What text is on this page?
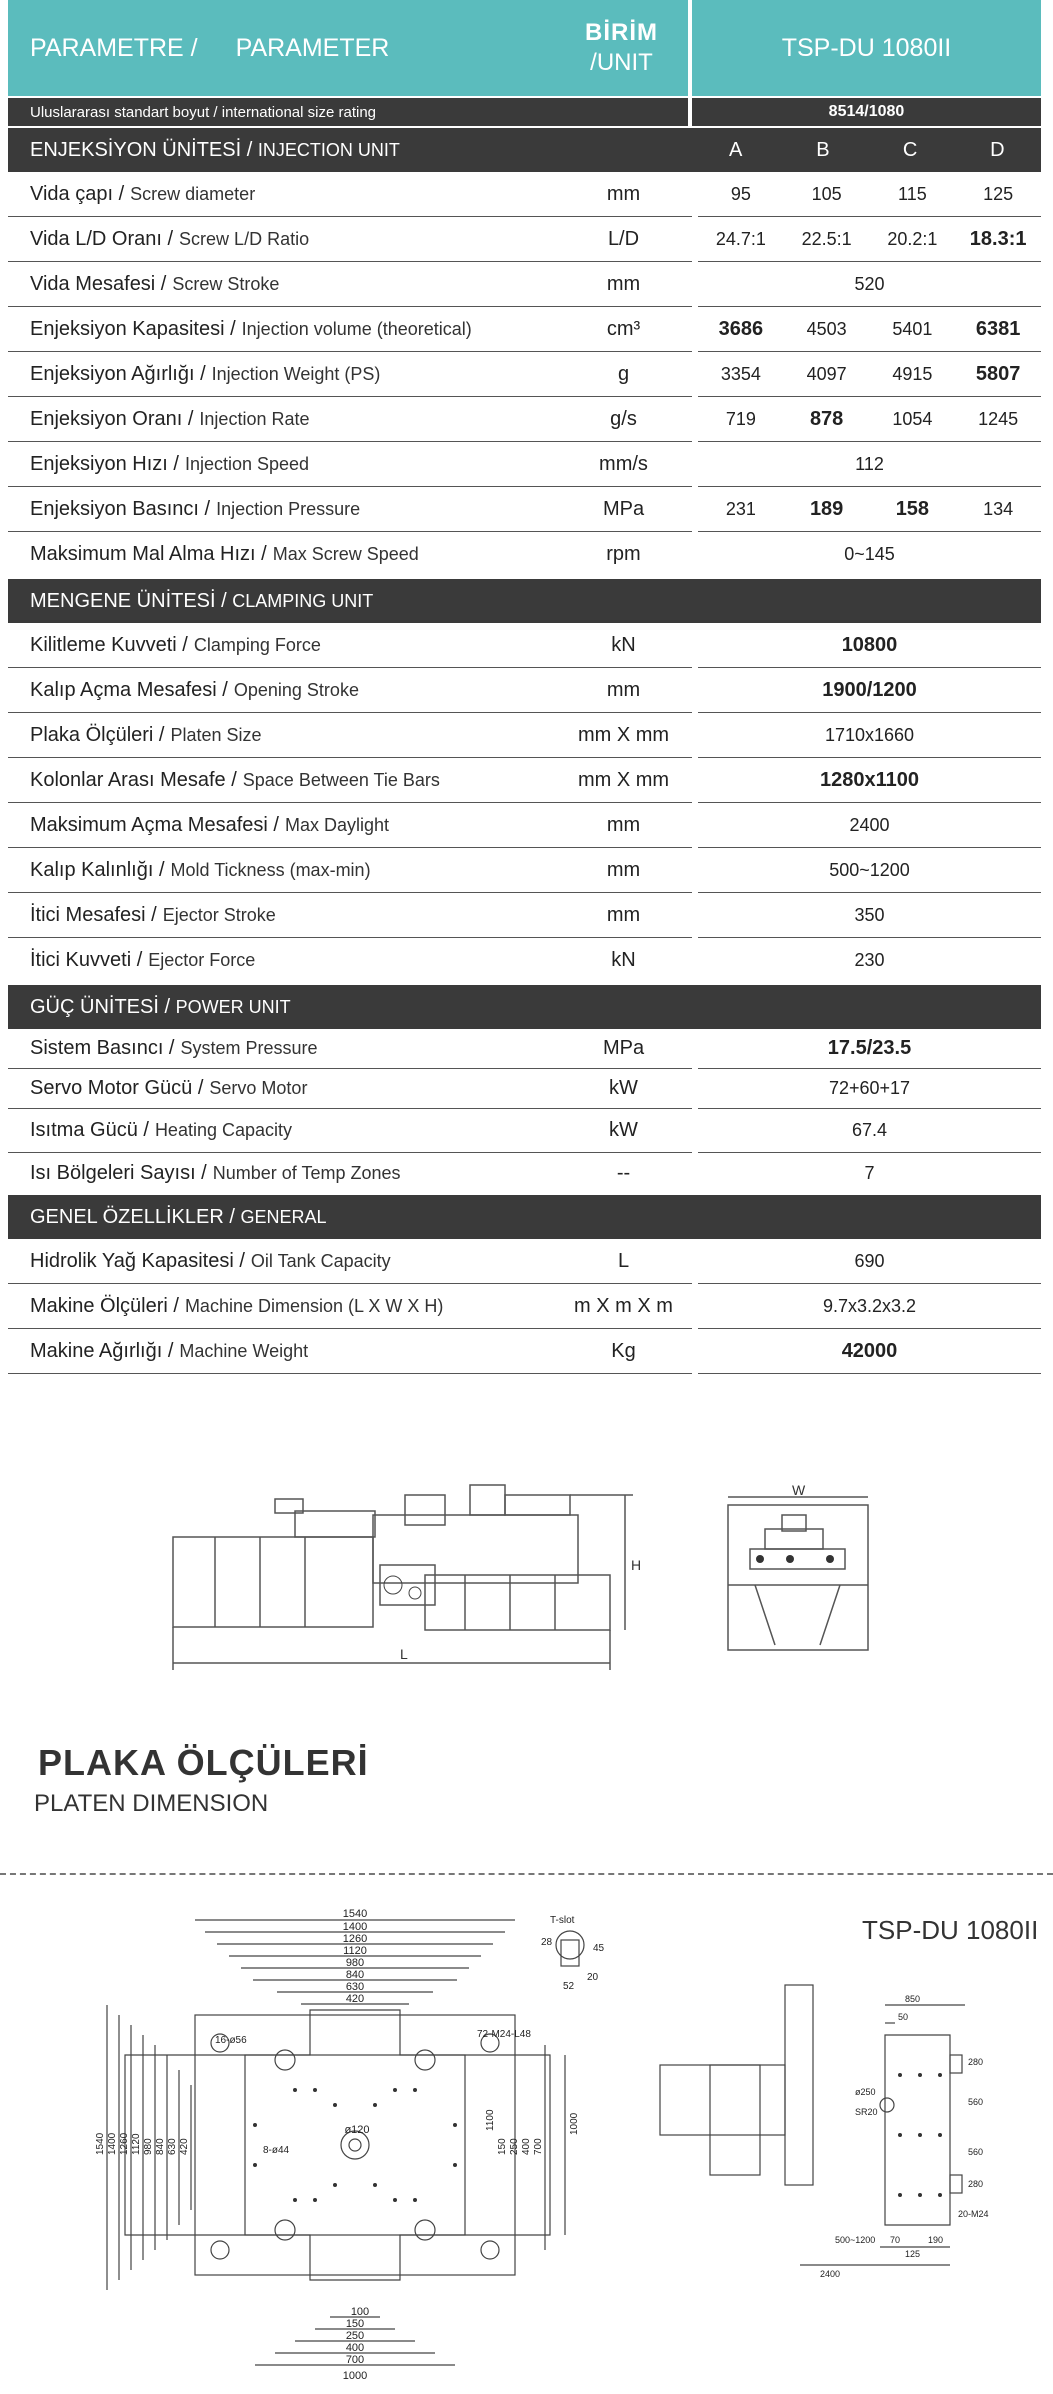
PARAMETRE / PARAMETER
BİRİM
/UNIT
TSP-DU 1080II
Uluslararası standart boyut / international size rating	8514/1080
ENJEKSİYON ÜNİTESİ / INJECTION UNIT	A	B	C	D
Vida çapı / Screw diameter	mm	95	105	115	125
Vida L/D Oranı / Screw L/D Ratio	L/D	24.7:1	22.5:1	20.2:1	18.3:1
Vida Mesafesi / Screw Stroke	mm	520
Enjeksiyon Kapasitesi / Injection volume (theoretical)	cm³	3686	4503	5401	6381
Enjeksiyon Ağırlığı / Injection Weight (PS)	g	3354	4097	4915	5807
Enjeksiyon Oranı / Injection Rate	g/s	719	878	1054	1245
Enjeksiyon Hızı / Injection Speed	mm/s	112
Enjeksiyon Basıncı / Injection Pressure	MPa	231	189	158	134
Maksimum Mal Alma Hızı / Max Screw Speed	rpm	0~145
MENGENE ÜNİTESİ / CLAMPING UNIT
Kilitleme Kuvveti / Clamping Force	kN	10800
Kalıp Açma Mesafesi / Opening Stroke	mm	1900/1200
Plaka Ölçüleri / Platen Size	mm X mm	1710x1660
Kolonlar Arası Mesafe / Space Between Tie Bars	mm X mm	1280x1100
Maksimum Açma Mesafesi / Max Daylight	mm	2400
Kalıp Kalınlığı / Mold Tickness (max-min)	mm	500~1200
İtici Mesafesi / Ejector Stroke	mm	350
İtici Kuvveti / Ejector Force	kN	230
GÜÇ ÜNİTESİ / POWER UNIT
Sistem Basıncı / System Pressure	MPa	17.5/23.5
Servo Motor Gücü / Servo Motor	kW	72+60+17
Isıtma Gücü / Heating Capacity	kW	67.4
Isı Bölgeleri Sayısı / Number of Temp Zones	--	7
GENEL ÖZELLİKLER / GENERAL
Hidrolik Yağ Kapasitesi / Oil Tank Capacity	L	690
Makine Ölçüleri / Machine Dimension (L X W X H)	m X m X m	9.7x3.2x3.2
Makine Ağırlığı / Machine Weight	Kg	42000
L
H
W
PLAKA ÖLÇÜLERİ
PLATEN DIMENSION
TSP-DU 1080II
1540
1400
1260
1120
980
840
630
420
1000
700
400
250
150
100
ø120
1540 1400 1260 1120 980 840 630 420
1000
1100
150 250 400 700
16-ø56
72-M24-L48
8-ø44
T-slot
28
45
20
52
850
50
280
560
560
280
ø250
SR20
20-M24
500~1200
2400
70
125
190
